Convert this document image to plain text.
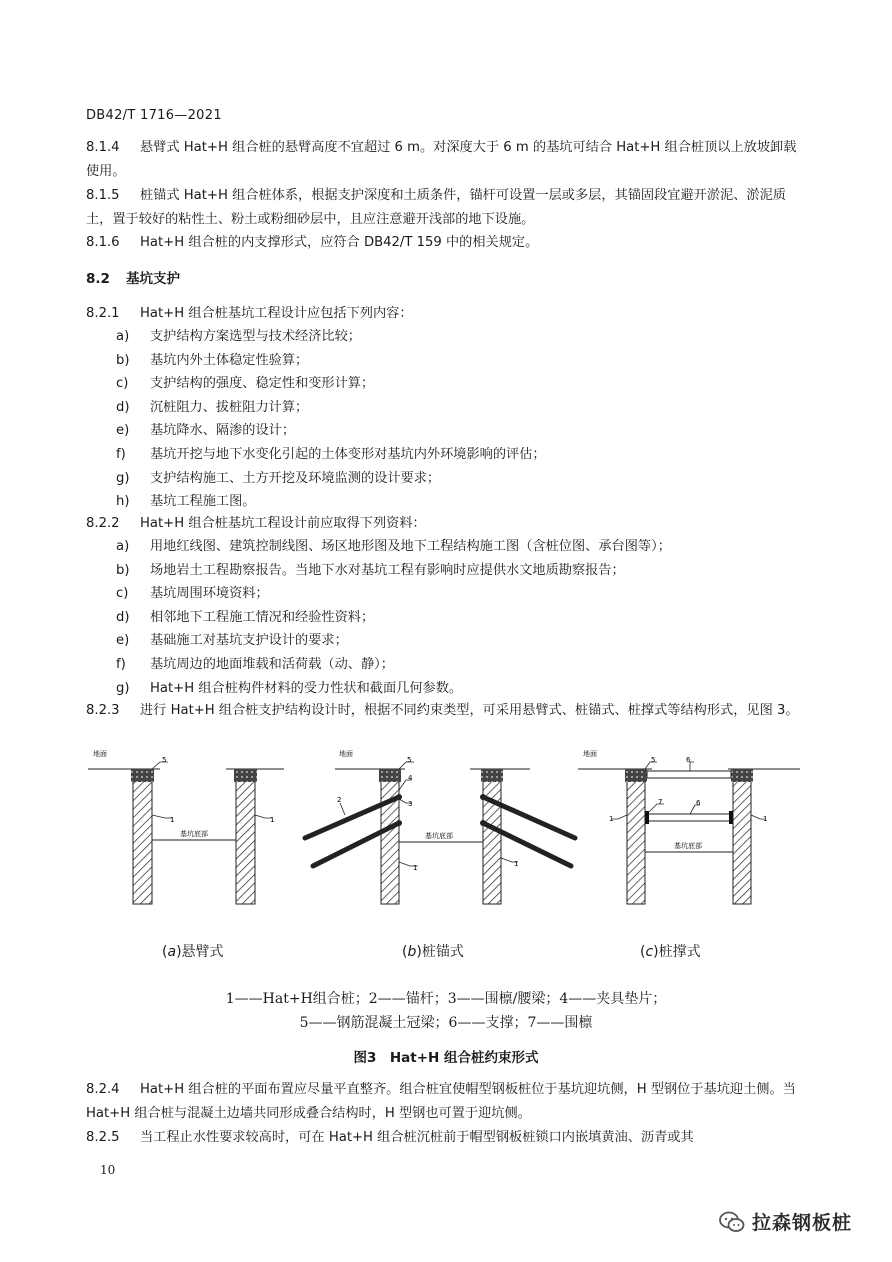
DB42/T 1716—2021

8.1.4 悬臂式 Hat+H 组合桩的悬臂高度不宜超过 6 m。对深度大于 6 m 的基坑可结合 Hat+H 组合桩顶以上放坡卸载使用。

8.1.5 桩锚式 Hat+H 组合桩体系，根据支护深度和土质条件，锚杆可设置一层或多层，其锚固段宜避开淤泥、淤泥质土，置于较好的粘性土、粉土或粉细砂层中，且应注意避开浅部的地下设施。

8.1.6 Hat+H 组合桩的内支撑形式，应符合 DB42/T 159 中的相关规定。

8.2 基坑支护

8.2.1 Hat+H 组合桩基坑工程设计应包括下列内容：

a) 支护结构方案选型与技术经济比较；
b) 基坑内外土体稳定性验算；
c) 支护结构的强度、稳定性和变形计算；
d) 沉桩阻力、拔桩阻力计算；
e) 基坑降水、隔渗的设计；
f) 基坑开挖与地下水变化引起的土体变形对基坑内外环境影响的评估；
g) 支护结构施工、土方开挖及环境监测的设计要求；
h) 基坑工程施工图。

8.2.2 Hat+H 组合桩基坑工程设计前应取得下列资料：

a) 用地红线图、建筑控制线图、场区地形图及地下工程结构施工图（含桩位图、承台图等）；
b) 场地岩土工程勘察报告。当地下水对基坑工程有影响时应提供水文地质勘察报告；
c) 基坑周围环境资料；
d) 相邻地下工程施工情况和经验性资料；
e) 基础施工对基坑支护设计的要求；
f) 基坑周边的地面堆载和活荷载（动、静）；
g) Hat+H 组合桩构件材料的受力性状和截面几何参数。

8.2.3 进行 Hat+H 组合桩支护结构设计时，根据不同约束类型，可采用悬臂式、桩锚式、桩撑式等结构形式，见图 3。

地面
基坑底部
5
1	1
地面
基坑底部
5
4
3
2
1	1
地面
基坑底部
5	6
7	6
1	1
(a)悬臂式	(b)桩锚式	(c)桩撑式
1——Hat+H组合桩；2——锚杆；3——围檩/腰梁；4——夹具垫片；
5——钢筋混凝土冠梁；6——支撑；7——围檩
图3　Hat+H 组合桩约束形式

8.2.4 Hat+H 组合桩的平面布置应尽量平直整齐。组合桩宜使帽型钢板桩位于基坑迎坑侧，H 型钢位于基坑迎土侧。当 Hat+H 组合桩与混凝土边墙共同形成叠合结构时，H 型钢也可置于迎坑侧。

8.2.5 当工程止水性要求较高时，可在 Hat+H 组合桩沉桩前于帽型钢板桩锁口内嵌填黄油、沥青或其

10
拉森钢板桩
